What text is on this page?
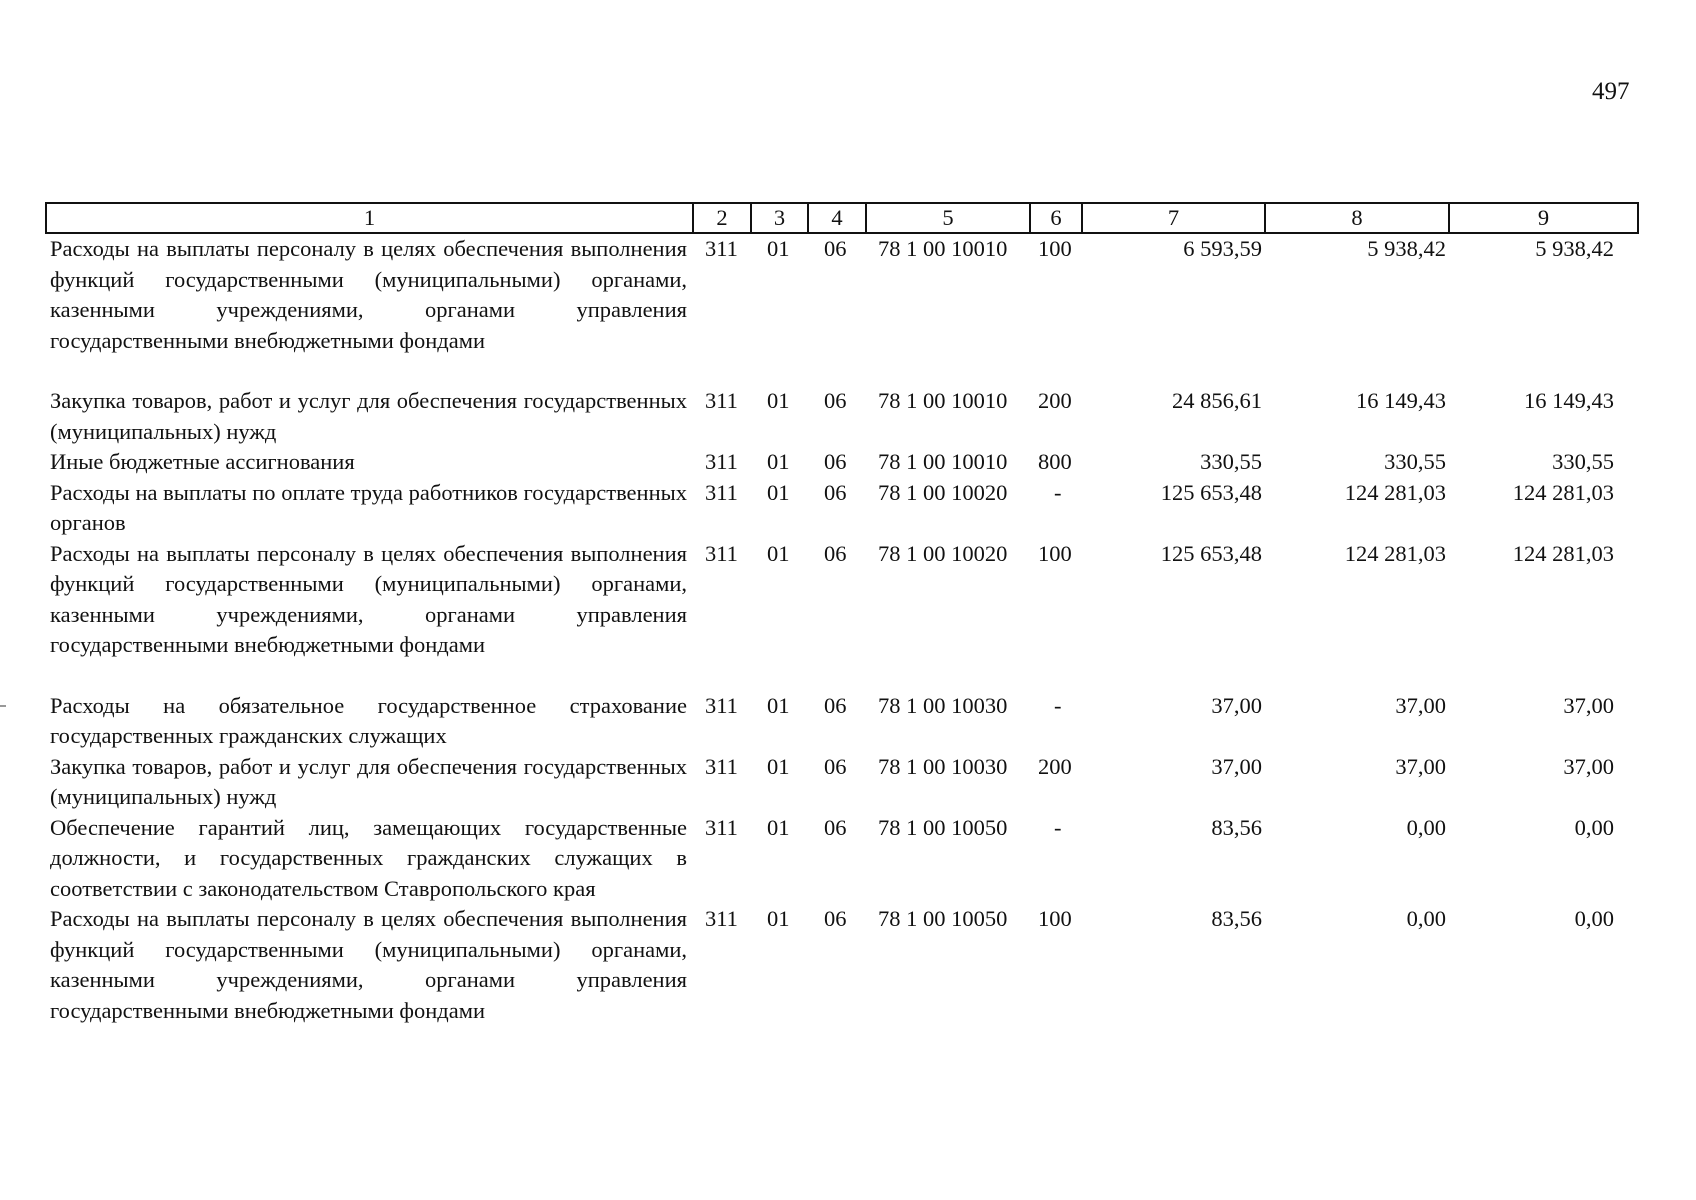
497
1	2	3	4	5	6	7	8	9
Расходы на выплаты персоналу в целях обеспечения выполнения функций государственными (муниципальными) органами, казенными учреждениями, органами управления государственными внебюджетными фондами	311	01	06	78 1 00 10010	100	6 593,59	5 938,42	5 938,42
Закупка товаров, работ и услуг для обеспечения государственных (муниципальных) нужд	311	01	06	78 1 00 10010	200	24 856,61	16 149,43	16 149,43
Иные бюджетные ассигнования	311	01	06	78 1 00 10010	800	330,55	330,55	330,55
Расходы на выплаты по оплате труда работников государственных органов	311	01	06	78 1 00 10020	-	125 653,48	124 281,03	124 281,03
Расходы на выплаты персоналу в целях обеспечения выполнения функций государственными (муниципальными) органами, казенными учреждениями, органами управления государственными внебюджетными фондами	311	01	06	78 1 00 10020	100	125 653,48	124 281,03	124 281,03
Расходы на обязательное государственное страхование государственных гражданских служащих	311	01	06	78 1 00 10030	-	37,00	37,00	37,00
Закупка товаров, работ и услуг для обеспечения государственных (муниципальных) нужд	311	01	06	78 1 00 10030	200	37,00	37,00	37,00
Обеспечение гарантий лиц, замещающих государственные должности, и государственных гражданских служащих в соответствии с законодательством Ставропольского края	311	01	06	78 1 00 10050	-	83,56	0,00	0,00
Расходы на выплаты персоналу в целях обеспечения выполнения функций государственными (муниципальными) органами, казенными учреждениями, органами управления государственными внебюджетными фондами	311	01	06	78 1 00 10050	100	83,56	0,00	0,00
